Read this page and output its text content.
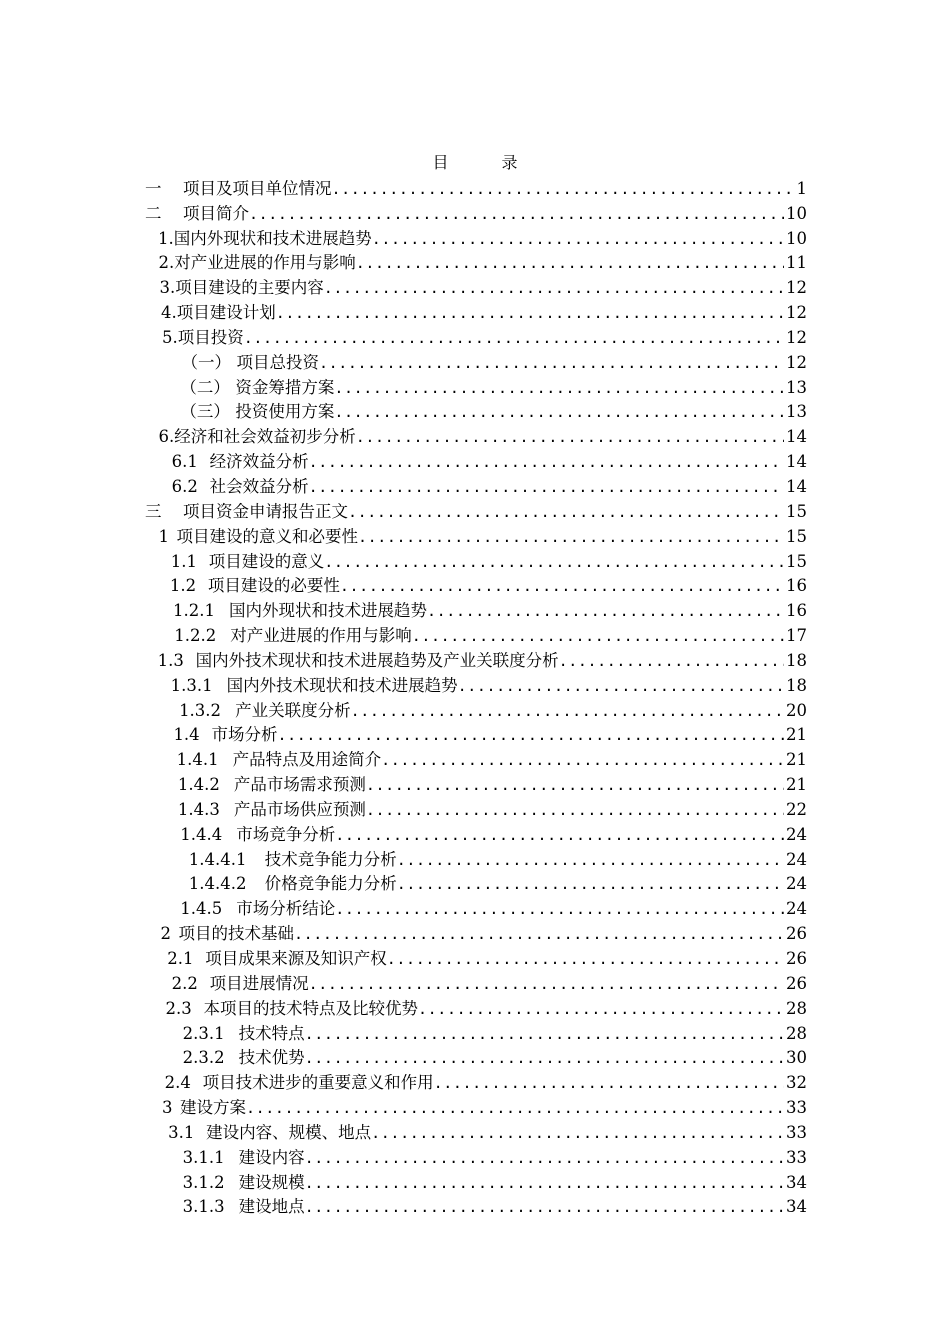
目 录
一	项目及项目单位情况 .....	1
二	项目简介 .....	10
1.国内外现状和技术进展趋势 .....	10
2.对产业进展的作用与影响 .....	11
3.项目建设的主要内容 .....	12
4.项目建设计划 .....	12
5.项目投资 .....	12
（一） 项目总投资 .....	12
（二） 资金筹措方案 .....	13
（三） 投资使用方案 .....	13
6.经济和社会效益初步分析 .....	14
6.1 经济效益分析 .....	14
6.2 社会效益分析 .....	14
三	项目资金申请报告正文 .....	15
1 项目建设的意义和必要性 .....	15
1.1 项目建设的意义 .....	15
1.2 项目建设的必要性 .....	16
1.2.1 国内外现状和技术进展趋势 .....	16
1.2.2 对产业进展的作用与影响 .....	17
1.3 国内外技术现状和技术进展趋势及产业关联度分析 .....	18
1.3.1 国内外技术现状和技术进展趋势 .....	18
1.3.2 产业关联度分析 .....	20
1.4 市场分析 .....	21
1.4.1 产品特点及用途简介 .....	21
1.4.2 产品市场需求预测 .....	21
1.4.3 产品市场供应预测 .....	22
1.4.4 市场竞争分析 .....	24
1.4.4.1	技术竞争能力分析 .....	24
1.4.4.2	价格竞争能力分析 .....	24
1.4.5 市场分析结论 .....	24
2 项目的技术基础 .....	26
2.1 项目成果来源及知识产权 .....	26
2.2 项目进展情况 .....	26
2.3 本项目的技术特点及比较优势 .....	28
2.3.1 技术特点 .....	28
2.3.2 技术优势 .....	30
2.4 项目技术进步的重要意义和作用 .....	32
3 建设方案 .....	33
3.1 建设内容、规模、地点 .....	33
3.1.1 建设内容 .....	33
3.1.2 建设规模 .....	34
3.1.3 建设地点 .....	34
